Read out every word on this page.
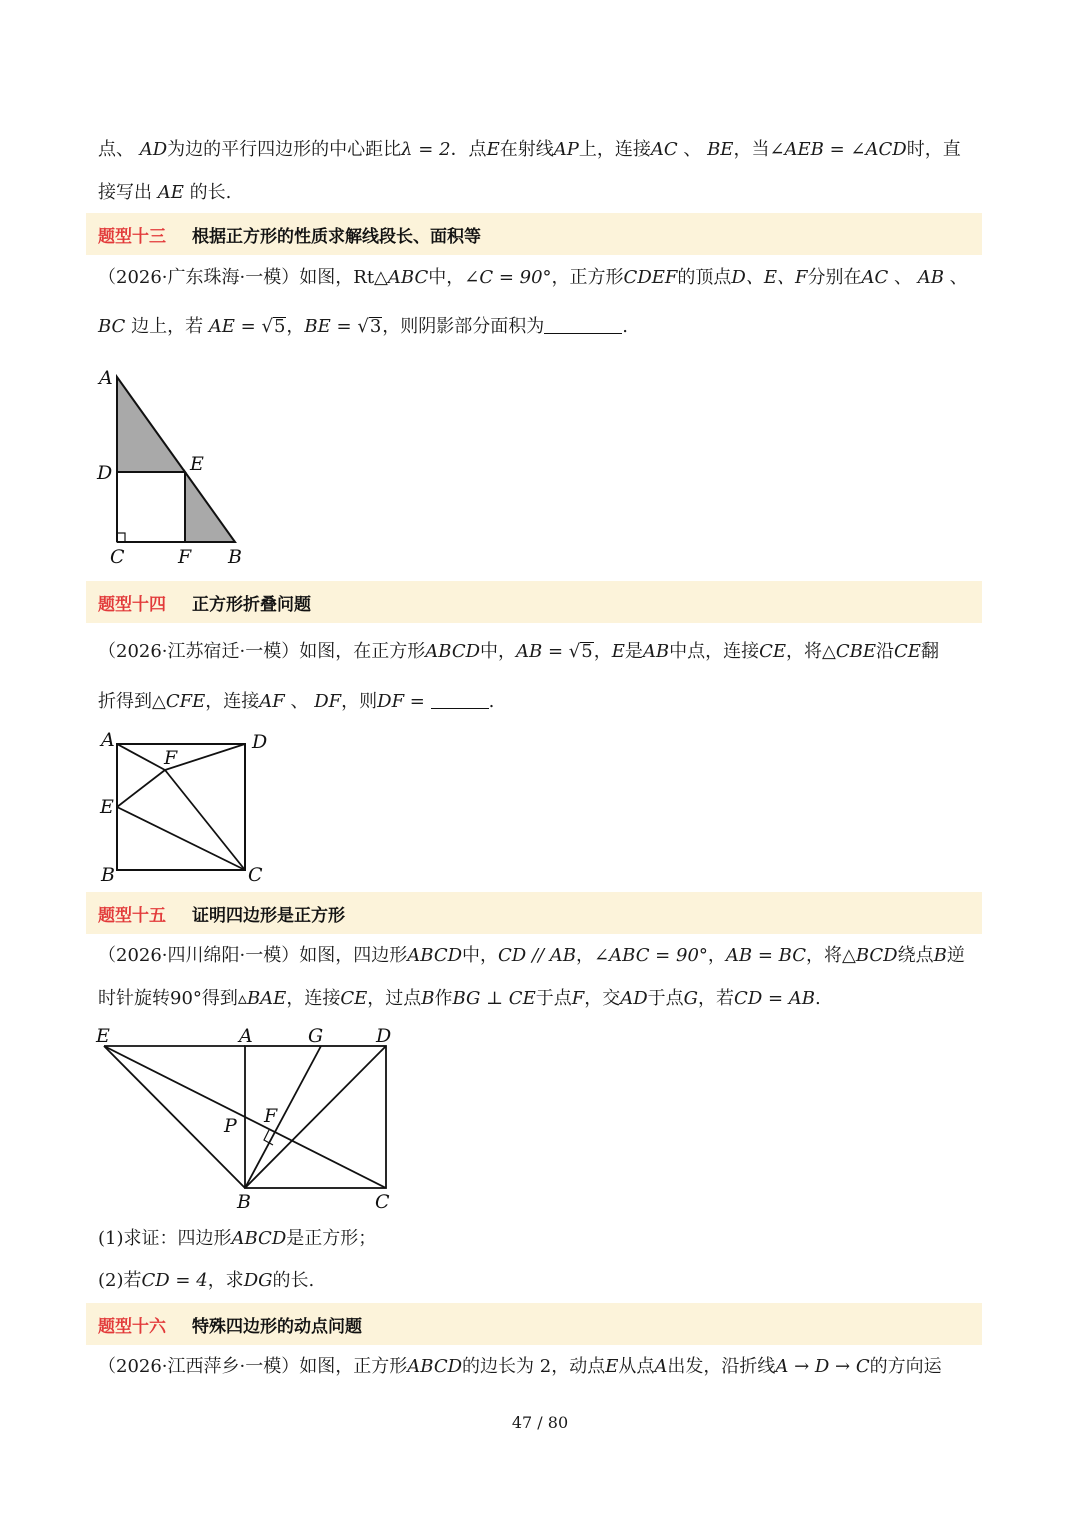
点、 AD为边的平行四边形的中心距比λ = 2．点E在射线AP上，连接AC 、 BE，当∠AEB = ∠ACD时，直
接写出 AE 的长.
题型十三 根据正方形的性质求解线段长、面积等
（2026·广东珠海·一模）如图，Rt△ABC中，∠C = 90°，正方形CDEF的顶点D、E、F分别在AC 、 AB 、
BC 边上，若 AE = √5，BE = √3，则阴影部分面积为	.
A
D	E
C	F B
题型十四 正方形折叠问题
（2026·江苏宿迁·一模）如图，在正方形ABCD中，AB = √5，E是AB中点，连接CE，将△CBE沿CE翻
折得到△CFE，连接AF 、 DF，则DF =	.
A	D
F
E
B	C
题型十五 证明四边形是正方形
（2026·四川绵阳·一模）如图，四边形ABCD中，CD // AB，∠ABC = 90°，AB = BC，将△BCD绕点B逆
时针旋转90°得到▵BAE，连接CE，过点B作BG ⊥ CE于点F，交AD于点G，若CD = AB.
E	A	G	D
F
P
B	C
(1)求证：四边形ABCD是正方形；
(2)若CD = 4，求DG的长.
题型十六 特殊四边形的动点问题
（2026·江西萍乡·一模）如图，正方形ABCD的边长为 2，动点E从点A出发，沿折线A → D → C的方向运
47 / 80
